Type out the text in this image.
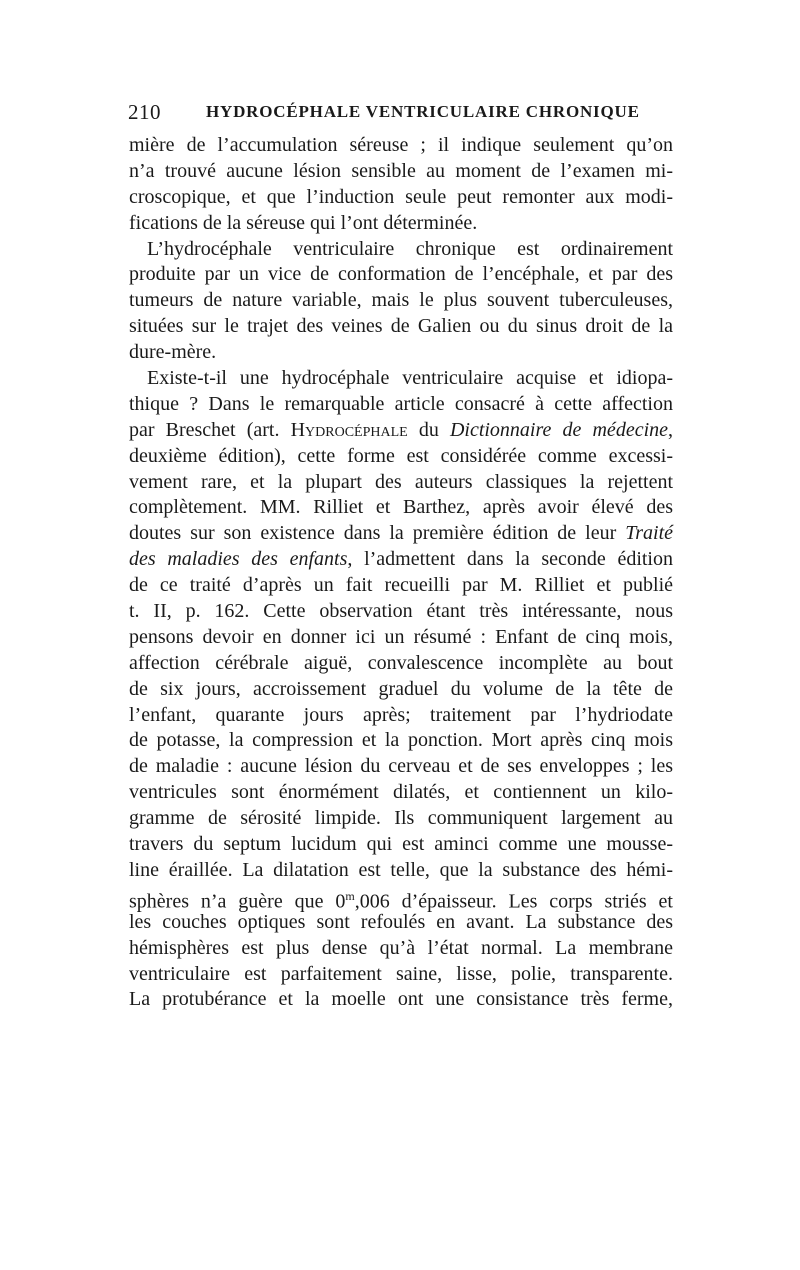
210	HYDROCÉPHALE VENTRICULAIRE CHRONIQUE
mière de l’accumulation séreuse ; il indique seulement qu’on
n’a trouvé aucune lésion sensible au moment de l’examen mi-
croscopique, et que l’induction seule peut remonter aux modi-
fications de la séreuse qui l’ont déterminée.
L’hydrocéphale ventriculaire chronique est ordinairement
produite par un vice de conformation de l’encéphale, et par des
tumeurs de nature variable, mais le plus souvent tuberculeuses,
situées sur le trajet des veines de Galien ou du sinus droit de la
dure-mère.
Existe-t-il une hydrocéphale ventriculaire acquise et idiopa-
thique ? Dans le remarquable article consacré à cette affection
par Breschet (art. Hydrocéphale du Dictionnaire de médecine,
deuxième édition), cette forme est considérée comme excessi-
vement rare, et la plupart des auteurs classiques la rejettent
complètement. MM. Rilliet et Barthez, après avoir élevé des
doutes sur son existence dans la première édition de leur Traité
des maladies des enfants, l’admettent dans la seconde édition
de ce traité d’après un fait recueilli par M. Rilliet et publié
t. II, p. 162. Cette observation étant très intéressante, nous
pensons devoir en donner ici un résumé : Enfant de cinq mois,
affection cérébrale aiguë, convalescence incomplète au bout
de six jours, accroissement graduel du volume de la tête de
l’enfant, quarante jours après; traitement par l’hydriodate
de potasse, la compression et la ponction. Mort après cinq mois
de maladie : aucune lésion du cerveau et de ses enveloppes ; les
ventricules sont énormément dilatés, et contiennent un kilo-
gramme de sérosité limpide. Ils communiquent largement au
travers du septum lucidum qui est aminci comme une mousse-
line éraillée. La dilatation est telle, que la substance des hémi-
sphères n’a guère que 0$^m$,006 d’épaisseur. Les corps striés et
les couches optiques sont refoulés en avant. La substance des
hémisphères est plus dense qu’à l’état normal. La membrane
ventriculaire est parfaitement saine, lisse, polie, transparente.
La protubérance et la moelle ont une consistance très ferme,
